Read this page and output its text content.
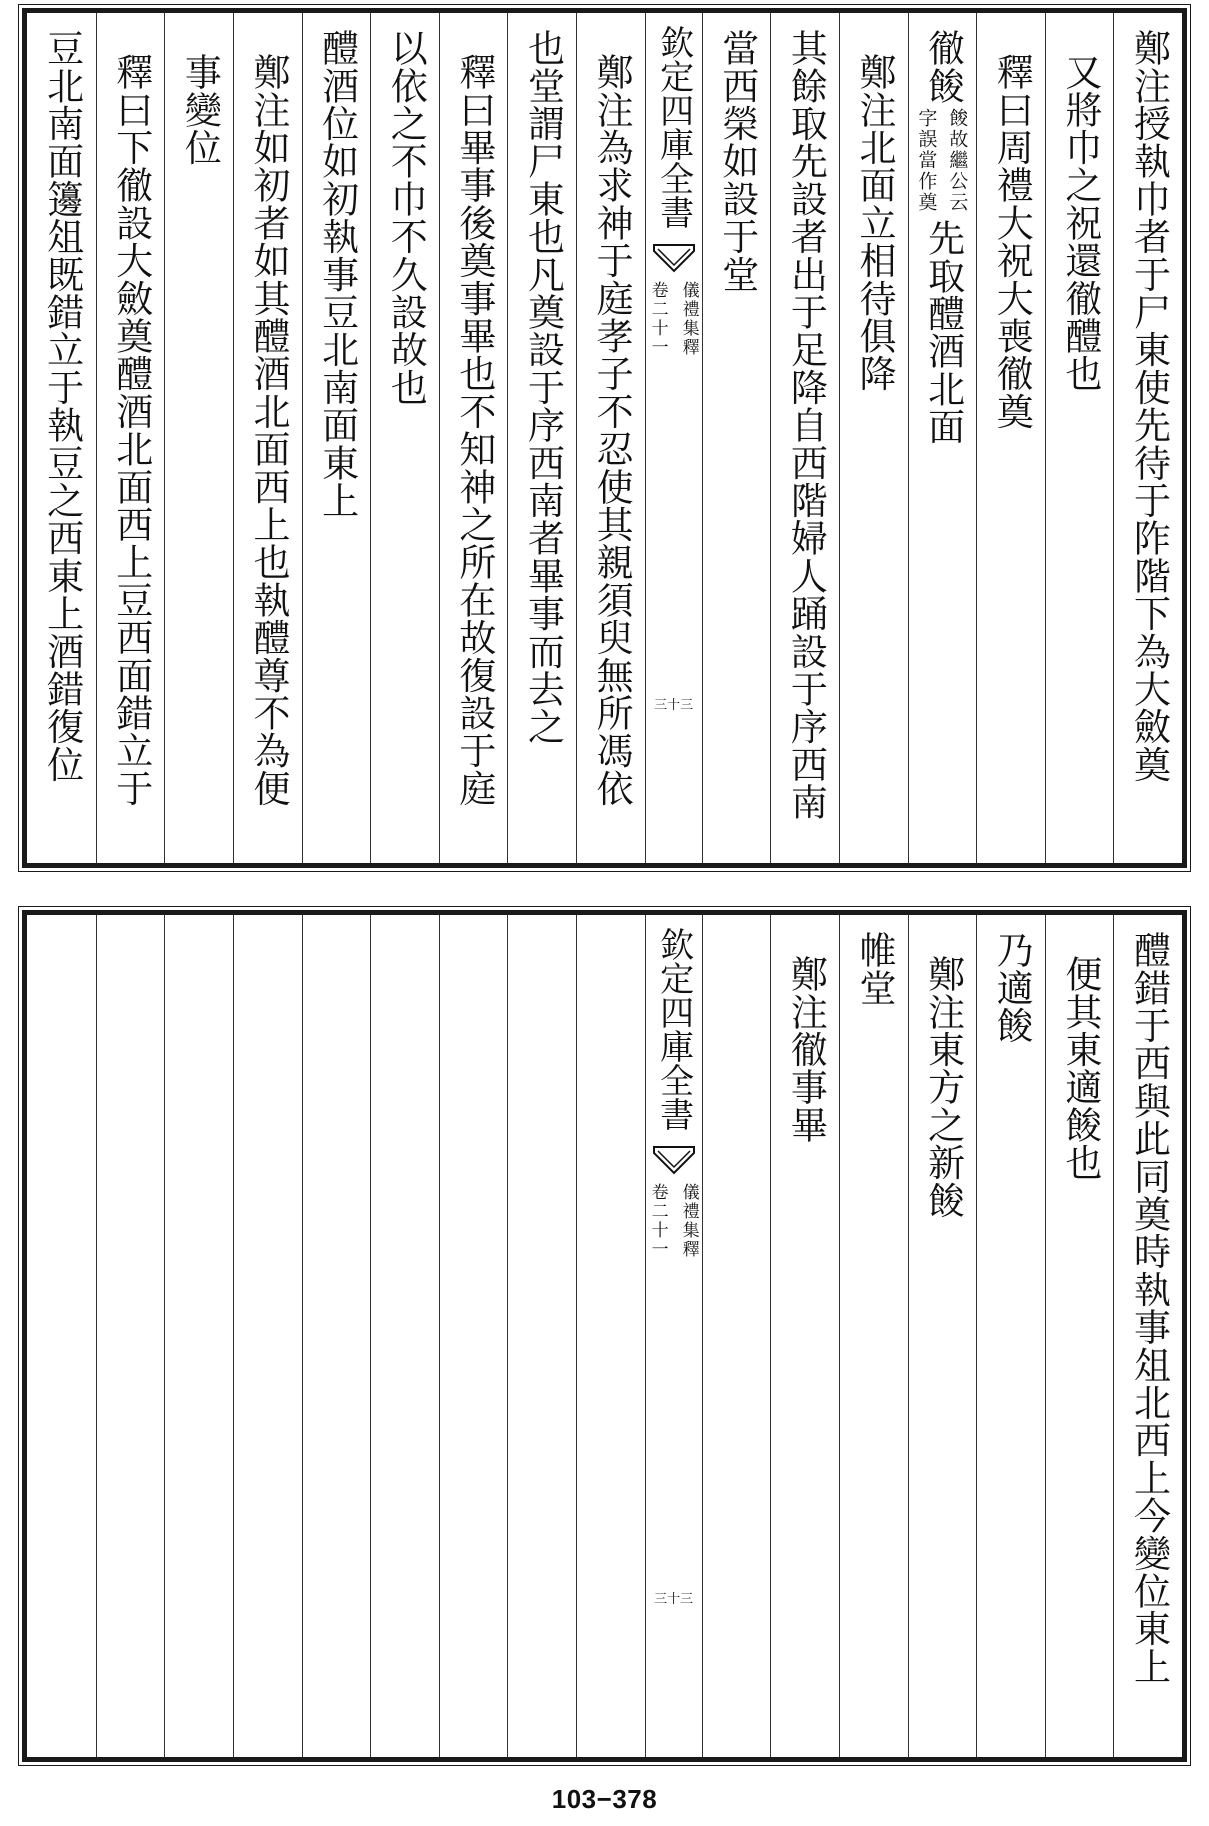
鄭注授執巾者于尸東使先待于阼階下為大斂奠
又將巾之祝還徹醴也
釋曰周禮大祝大喪徹奠
徹餕
餕故繼公云
字誤當作奠
先取醴酒北面
鄭注北面立相待俱降
其餘取先設者出于足降自西階婦人踊設于序西南
當西榮如設于堂
欽定四庫全書
儀禮集釋
卷二十一
三十三
鄭注為求神于庭孝子不忍使其親須臾無所馮依
也堂謂尸東也凡奠設于序西南者畢事而去之
釋曰畢事後奠事畢也不知神之所在故復設于庭
以依之不巾不久設故也
醴酒位如初執事豆北南面東上
鄭注如初者如其醴酒北面西上也執醴尊不為便
事變位
釋曰下徹設大斂奠醴酒北面西上豆西面錯立于
豆北南面籩俎既錯立于執豆之西東上酒錯復位
醴錯于西與此同奠時執事俎北西上今變位東上
便其東適餕也
乃適餕
鄭注東方之新餕
帷堂
鄭注徹事畢
欽定四庫全書
儀禮集釋
卷二十一
三十三
103−378
